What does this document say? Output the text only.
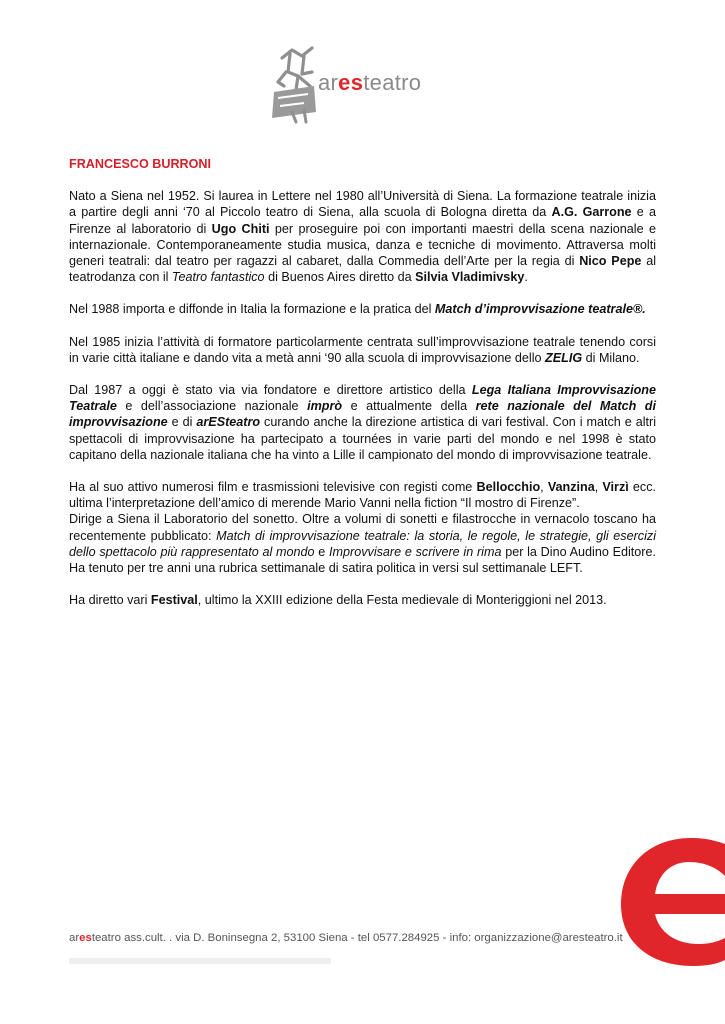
aresteatro
FRANCESCO BURRONI

Nato a Siena nel 1952. Si laurea in Lettere nel 1980 all’Università di Siena. La formazione teatrale inizia a partire degli anni ‘70 al Piccolo teatro di Siena, alla scuola di Bologna diretta da A.G. Garrone e a Firenze al laboratorio di Ugo Chiti per proseguire poi con importanti maestri della scena nazionale e internazionale. Contemporaneamente studia musica, danza e tecniche di movimento. Attraversa molti generi teatrali: dal teatro per ragazzi al cabaret, dalla Commedia dell’Arte per la regia di Nico Pepe al teatrodanza con il Teatro fantastico di Buenos Aires diretto da Silvia Vladimivsky.

Nel 1988 importa e diffonde in Italia la formazione e la pratica del Match d’improvvisazione teatrale®.

Nel 1985 inizia l’attività di formatore particolarmente centrata sull’improvvisazione teatrale tenendo corsi in varie città italiane e dando vita a metà anni ‘90 alla scuola di improvvisazione dello ZELIG di Milano.

Dal 1987 a oggi è stato via via fondatore e direttore artistico della Lega Italiana Improvvisazione Teatrale e dell’associazione nazionale imprò e attualmente della rete nazionale del Match di improvvisazione e di arESteatro curando anche la direzione artistica di vari festival. Con i match e altri spettacoli di improvvisazione ha partecipato a tournées in varie parti del mondo e nel 1998 è stato capitano della nazionale italiana che ha vinto a Lille il campionato del mondo di improvvisazione teatrale.

Ha al suo attivo numerosi film e trasmissioni televisive con registi come Bellocchio, Vanzina, Virzì ecc. ultima l’interpretazione dell’amico di merende Mario Vanni nella fiction “Il mostro di Firenze”.

Dirige a Siena il Laboratorio del sonetto. Oltre a volumi di sonetti e filastrocche in vernacolo toscano ha recentemente pubblicato: Match di improvvisazione teatrale: la storia, le regole, le strategie, gli esercizi dello spettacolo più rappresentato al mondo e Improvvisare e scrivere in rima per la Dino Audino Editore. Ha tenuto per tre anni una rubrica settimanale di satira politica in versi sul settimanale LEFT.

Ha diretto vari Festival, ultimo la XXIII edizione della Festa medievale di Monteriggioni nel 2013.

aresteatro ass.cult. . via D. Boninsegna 2, 53100 Siena - tel 0577.284925 - info: organizzazione@aresteatro.it
